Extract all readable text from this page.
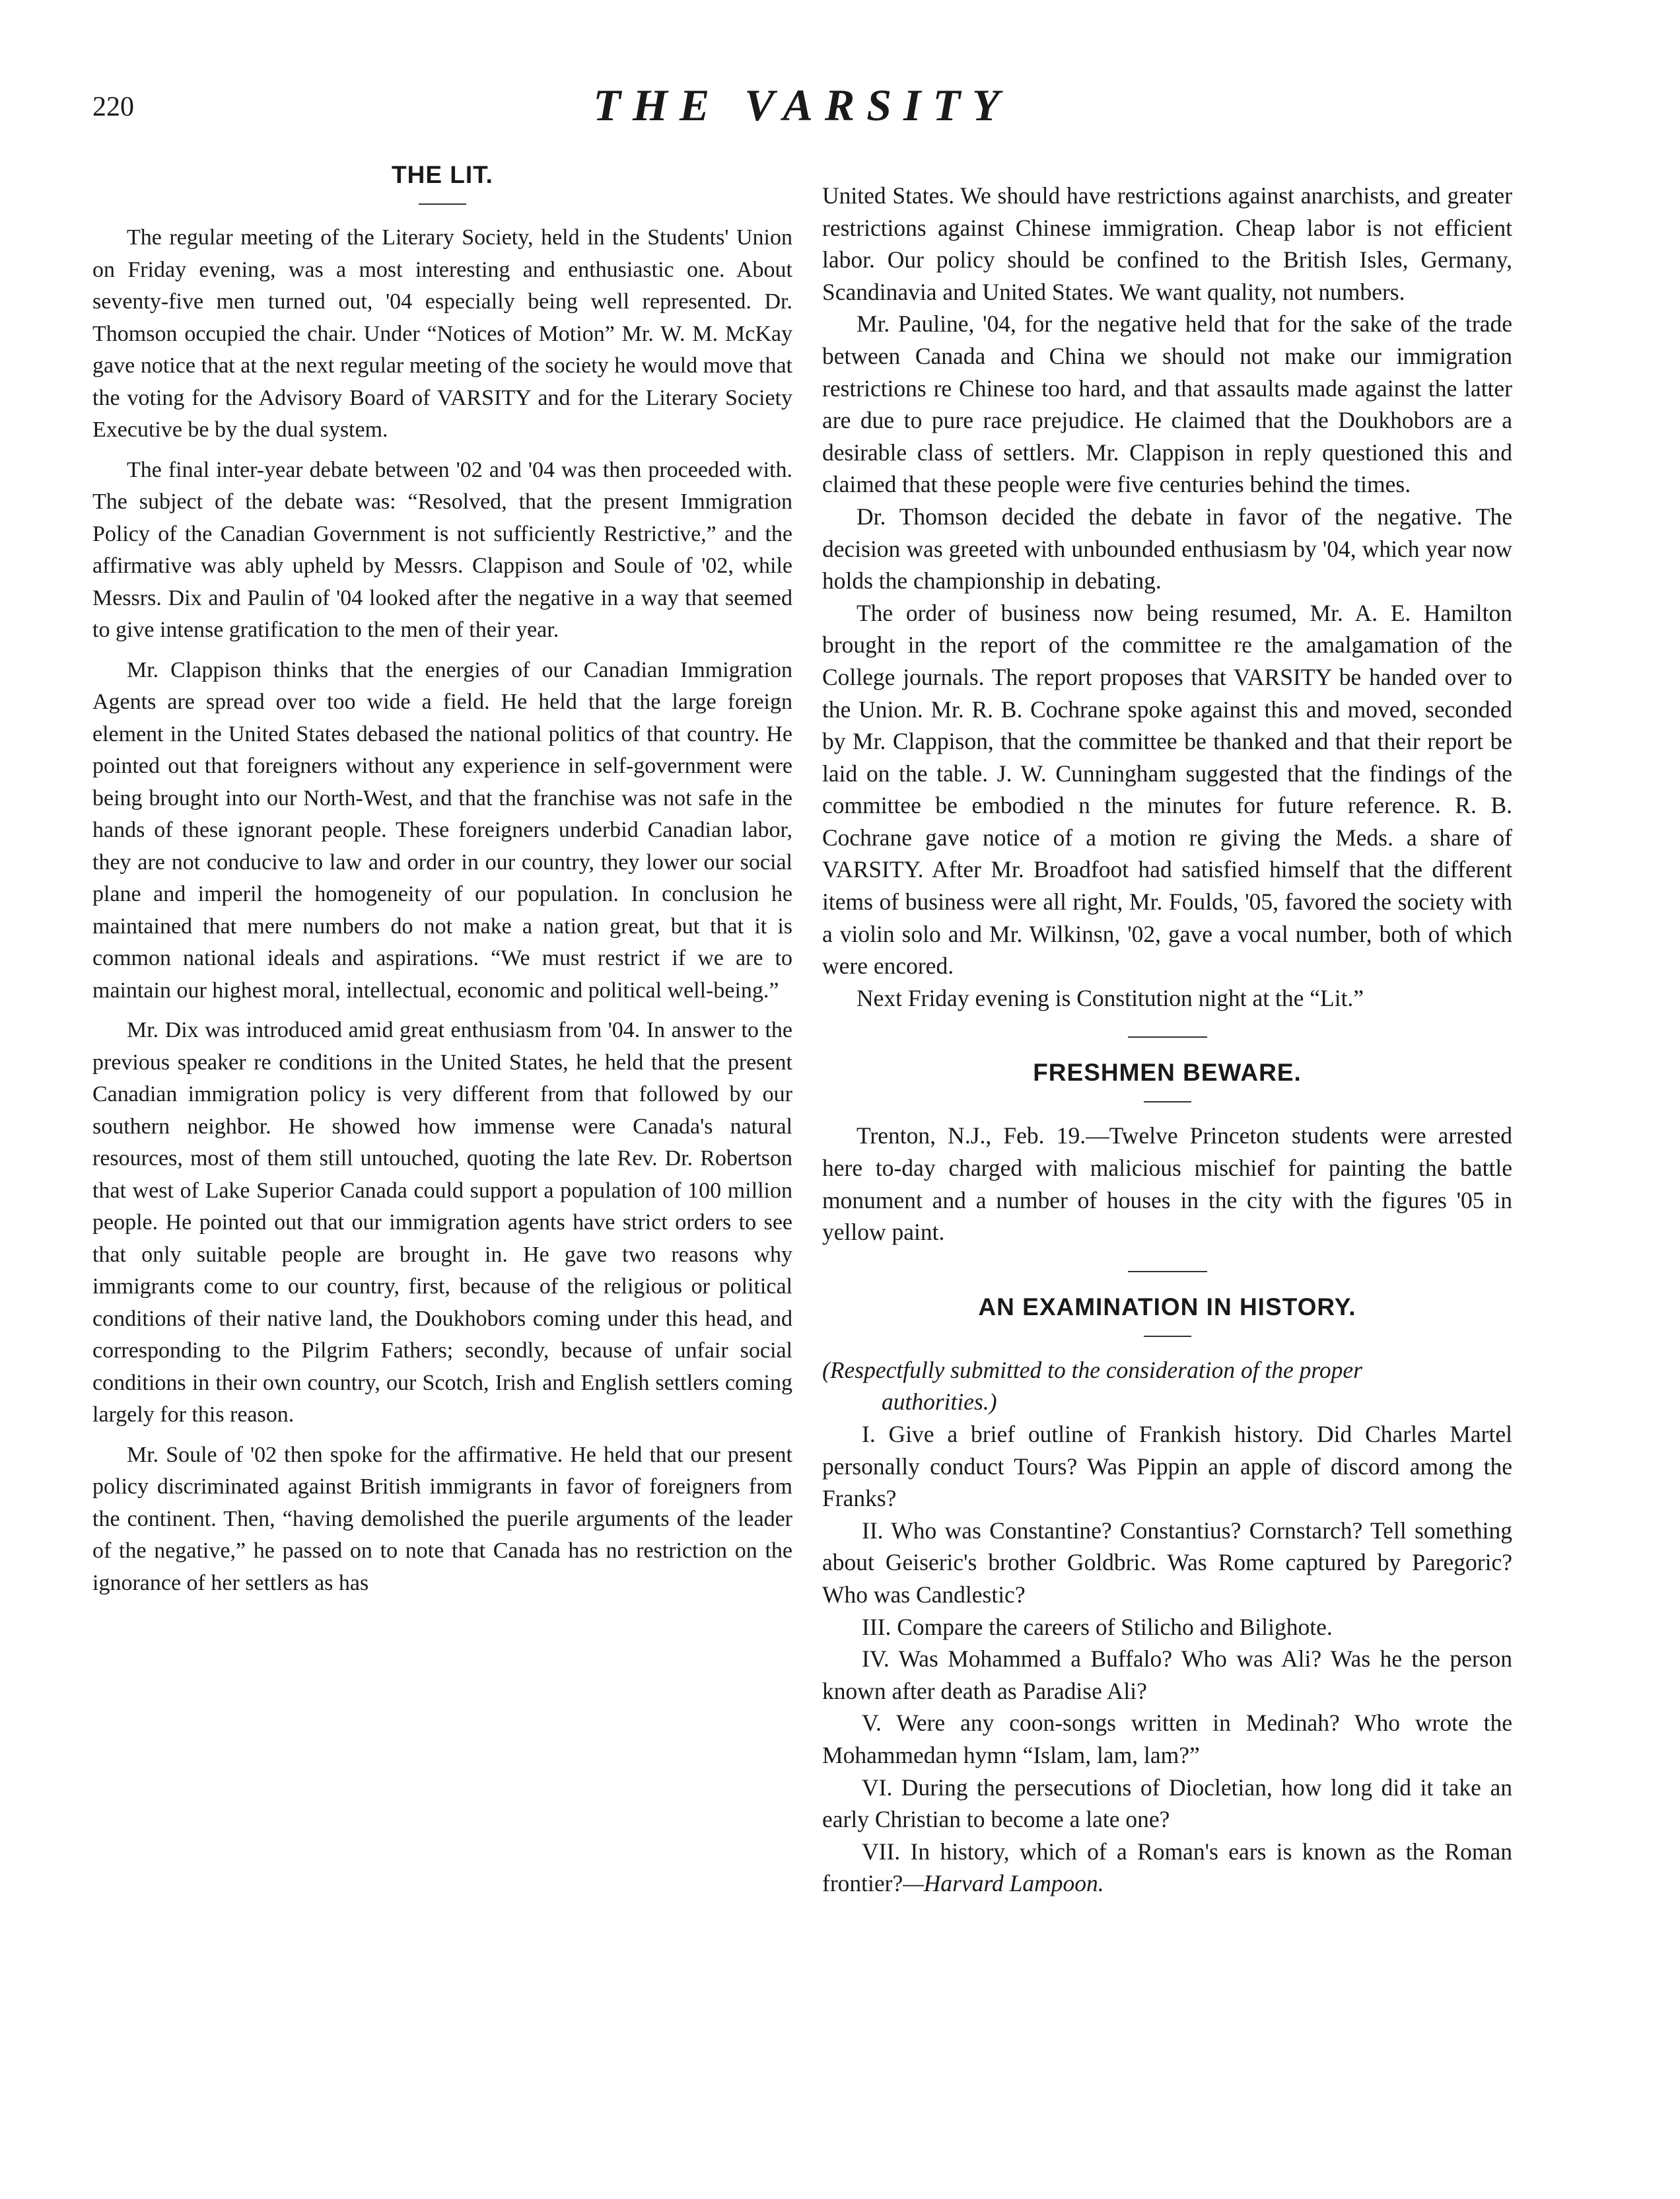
220	THE VARSITY
THE LIT.

The regular meeting of the Literary Society, held in the Students' Union on Friday evening, was a most interesting and enthusiastic one. About seventy-five men turned out, '04 especially being well represented. Dr. Thomson occupied the chair. Under “Notices of Motion” Mr. W. M. McKay gave notice that at the next regular meeting of the society he would move that the voting for the Advisory Board of VARSITY and for the Literary Society Executive be by the dual system.

The final inter-year debate between '02 and '04 was then proceeded with. The subject of the debate was: “Resolved, that the present Immigration Policy of the Canadian Government is not sufficiently Restrictive,” and the affirmative was ably upheld by Messrs. Clappison and Soule of '02, while Messrs. Dix and Paulin of '04 looked after the negative in a way that seemed to give intense gratification to the men of their year.

Mr. Clappison thinks that the energies of our Canadian Immigration Agents are spread over too wide a field. He held that the large foreign element in the United States debased the national politics of that country. He pointed out that foreigners without any experience in self-government were being brought into our North-West, and that the franchise was not safe in the hands of these ignorant people. These foreigners underbid Canadian labor, they are not conducive to law and order in our country, they lower our social plane and imperil the homogeneity of our population. In conclusion he maintained that mere numbers do not make a nation great, but that it is common national ideals and aspirations. “We must restrict if we are to maintain our highest moral, intellectual, economic and political well-being.”

Mr. Dix was introduced amid great enthusiasm from '04. In answer to the previous speaker re conditions in the United States, he held that the present Canadian immigration policy is very different from that followed by our southern neighbor. He showed how immense were Canada's natural resources, most of them still untouched, quoting the late Rev. Dr. Robertson that west of Lake Superior Canada could support a population of 100 million people. He pointed out that our immigration agents have strict orders to see that only suitable people are brought in. He gave two reasons why immigrants come to our country, first, because of the religious or political conditions of their native land, the Doukhobors coming under this head, and corresponding to the Pilgrim Fathers; secondly, because of unfair social conditions in their own country, our Scotch, Irish and English settlers coming largely for this reason.

Mr. Soule of '02 then spoke for the affirmative. He held that our present policy discriminated against British immigrants in favor of foreigners from the continent. Then, “having demolished the puerile arguments of the leader of the negative,” he passed on to note that Canada has no restriction on the ignorance of her settlers as has

United States. We should have restrictions against anarchists, and greater restrictions against Chinese immigration. Cheap labor is not efficient labor. Our policy should be confined to the British Isles, Germany, Scandinavia and United States. We want quality, not numbers.

Mr. Pauline, '04, for the negative held that for the sake of the trade between Canada and China we should not make our immigration restrictions re Chinese too hard, and that assaults made against the latter are due to pure race prejudice. He claimed that the Doukhobors are a desirable class of settlers. Mr. Clappison in reply questioned this and claimed that these people were five centuries behind the times.

Dr. Thomson decided the debate in favor of the negative. The decision was greeted with unbounded enthusiasm by '04, which year now holds the championship in debating.

The order of business now being resumed, Mr. A. E. Hamilton brought in the report of the committee re the amalgamation of the College journals. The report proposes that VARSITY be handed over to the Union. Mr. R. B. Cochrane spoke against this and moved, seconded by Mr. Clappison, that the committee be thanked and that their report be laid on the table. J. W. Cunningham suggested that the findings of the committee be embodied n the minutes for future reference. R. B. Cochrane gave notice of a motion re giving the Meds. a share of VARSITY. After Mr. Broadfoot had satisfied himself that the different items of business were all right, Mr. Foulds, '05, favored the society with a violin solo and Mr. Wilkinsn, '02, gave a vocal number, both of which were encored.

Next Friday evening is Constitution night at the “Lit.”

FRESHMEN BEWARE.

Trenton, N.J., Feb. 19.—Twelve Princeton students were arrested here to-day charged with malicious mischief for painting the battle monument and a number of houses in the city with the figures '05 in yellow paint.

AN EXAMINATION IN HISTORY.

(Respectfully submitted to the consideration of the proper
authorities.)

I. Give a brief outline of Frankish history. Did Charles Martel personally conduct Tours? Was Pippin an apple of discord among the Franks?

II. Who was Constantine? Constantius? Cornstarch? Tell something about Geiseric's brother Goldbric. Was Rome captured by Paregoric? Who was Candlestic?

III. Compare the careers of Stilicho and Bilighote.

IV. Was Mohammed a Buffalo? Who was Ali? Was he the person known after death as Paradise Ali?

V. Were any coon-songs written in Medinah? Who wrote the Mohammedan hymn “Islam, lam, lam?”

VI. During the persecutions of Diocletian, how long did it take an early Christian to become a late one?

VII. In history, which of a Roman's ears is known as the Roman frontier?—Harvard Lampoon.
